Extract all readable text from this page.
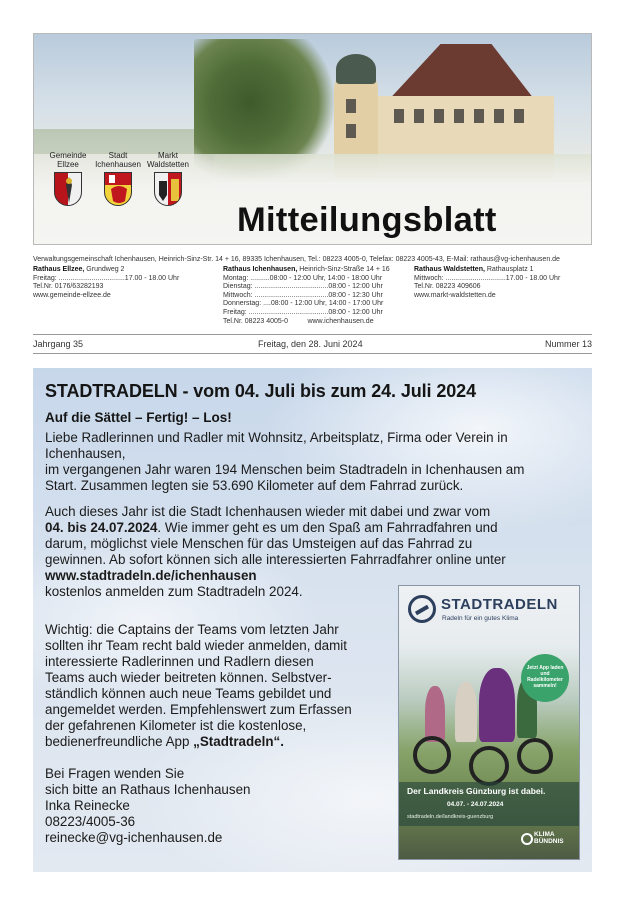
Gemeinde
Ellzee
Stadt
Ichenhausen
Markt
Waldstetten
Mitteilungsblatt
Verwaltungsgemeinschaft Ichenhausen, Heinrich-Sinz-Str. 14 + 16, 89335 Ichenhausen, Tel.: 08223 4005-0, Telefax: 08223 4005-43, E-Mail: rathaus@vg-ichenhausen.de
Rathaus Ellzee, Grundweg 2
Freitag: ..................................17.00 - 18.00 Uhr
Tel.Nr. 0176/63282193
www.gemeinde-ellzee.de
Rathaus Ichenhausen, Heinrich-Sinz-Straße 14 + 16
Montag: ..........08:00 - 12:00 Uhr, 14:00 - 18:00 Uhr
Dienstag: ......................................08:00 - 12:00 Uhr
Mittwoch: ......................................08:00 - 12:30 Uhr
Donnerstag: ....08:00 - 12:00 Uhr, 14:00 - 17:00 Uhr
Freitag: .........................................08:00 - 12:00 Uhr
Tel.Nr. 08223 4005-0          www.ichenhausen.de
Rathaus Waldstetten, Rathausplatz 1
Mittwoch: ...............................17.00 - 18.00 Uhr
Tel.Nr. 08223 409606
www.markt-waldstetten.de
Jahrgang 35	Freitag, den 28. Juni 2024	Nummer 13
STADTRADELN - vom 04. Juli bis zum 24. Juli 2024
Auf die Sättel – Fertig! – Los!
Liebe Radlerinnen und Radler mit Wohnsitz, Arbeitsplatz, Firma oder Verein in
Ichenhausen,
im vergangenen Jahr waren 194 Menschen beim Stadtradeln in Ichenhausen am
Start. Zusammen legten sie 53.690 Kilometer auf dem Fahrrad zurück.
Auch dieses Jahr ist die Stadt Ichenhausen wieder mit dabei und zwar vom
04. bis 24.07.2024. Wie immer geht es um den Spaß am Fahrradfahren und
darum, möglichst viele Menschen für das Umsteigen auf das Fahrrad zu
gewinnen. Ab sofort können sich alle interessierten Fahrradfahrer online unter
www.stadtradeln.de/ichenhausen
kostenlos anmelden zum Stadtradeln 2024.
Wichtig: die Captains der Teams vom letzten Jahr
sollten ihr Team recht bald wieder anmelden, damit
interessierte Radlerinnen und Radlern diesen
Teams auch wieder beitreten können. Selbstver-
ständlich können auch neue Teams gebildet und
angemeldet werden. Empfehlenswert zum Erfassen
der gefahrenen Kilometer ist die kostenlose,
bedienerfreundliche App „Stadtradeln“.
Bei Fragen wenden Sie
sich bitte an Rathaus Ichenhausen
Inka Reinecke
08223/4005-36
reinecke@vg-ichenhausen.de
STADTRADELN
Radeln für ein gutes Klima
Jetzt App laden und Radelkilometer sammeln!
Der Landkreis Günzburg ist dabei.
04.07. - 24.07.2024
stadtradeln.de/landkreis-guenzburg
KLIMA BÜNDNIS
